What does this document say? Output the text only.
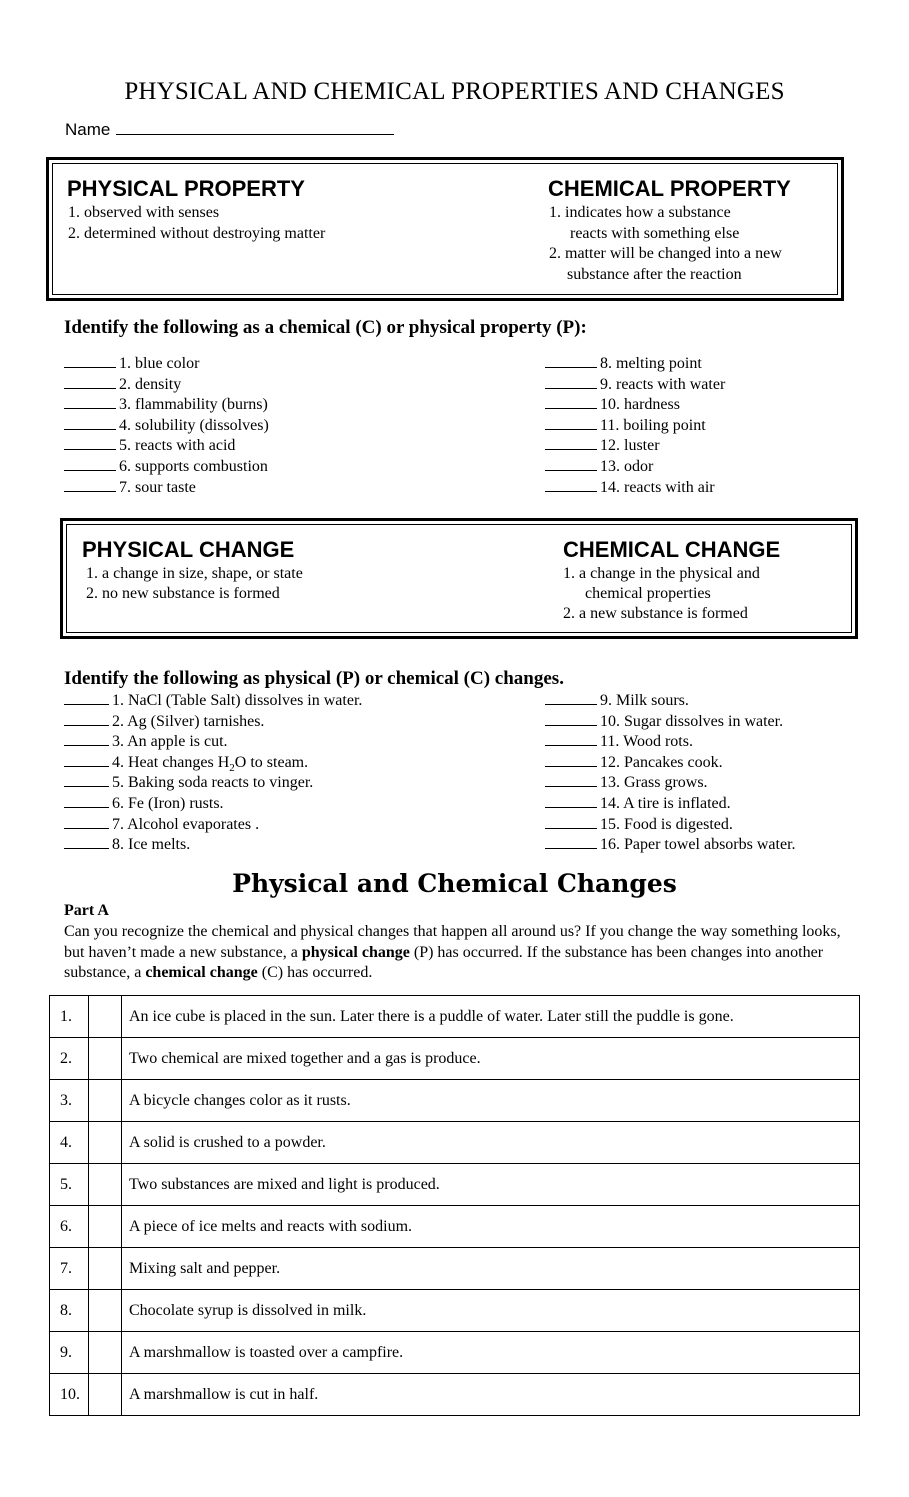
PHYSICAL AND CHEMICAL PROPERTIES AND CHANGES
Name
PHYSICAL PROPERTY
1. observed with senses
2. determined without destroying matter
CHEMICAL PROPERTY
1. indicates how a substance
reacts with something else
2. matter will be changed into a new
substance after the reaction
Identify the following as a chemical (C) or physical property (P):
1. blue color
2. density
3. flammability (burns)
4. solubility (dissolves)
5. reacts with acid
6. supports combustion
7. sour taste
8. melting point
9. reacts with water
10. hardness
11. boiling point
12. luster
13. odor
14. reacts with air
PHYSICAL CHANGE
1. a change in size, shape, or state
2. no new substance is formed
CHEMICAL CHANGE
1. a change in the physical and
chemical properties
2. a new substance is formed
Identify the following as physical (P) or chemical (C) changes.
1. NaCl (Table Salt) dissolves in water.
2. Ag (Silver) tarnishes.
3. An apple is cut.
4. Heat changes $H_2O$ to steam.
5. Baking soda reacts to vinger.
6. Fe (Iron) rusts.
7. Alcohol evaporates .
8. Ice melts.
9. Milk sours.
10. Sugar dissolves in water.
11. Wood rots.
12. Pancakes cook.
13. Grass grows.
14. A tire is inflated.
15. Food is digested.
16. Paper towel absorbs water.
Physical and Chemical Changes
Part A
Can you recognize the chemical and physical changes that happen all around us? If you change the way something looks, but haven’t made a new substance, a physical change (P) has occurred. If the substance has been changes into another substance, a chemical change (C) has occurred.
1.		An ice cube is placed in the sun. Later there is a puddle of water. Later still the puddle is gone.
2.		Two chemical are mixed together and a gas is produce.
3.		A bicycle changes color as it rusts.
4.		A solid is crushed to a powder.
5.		Two substances are mixed and light is produced.
6.		A piece of ice melts and reacts with sodium.
7.		Mixing salt and pepper.
8.		Chocolate syrup is dissolved in milk.
9.		A marshmallow is toasted over a campfire.
10.		A marshmallow is cut in half.
